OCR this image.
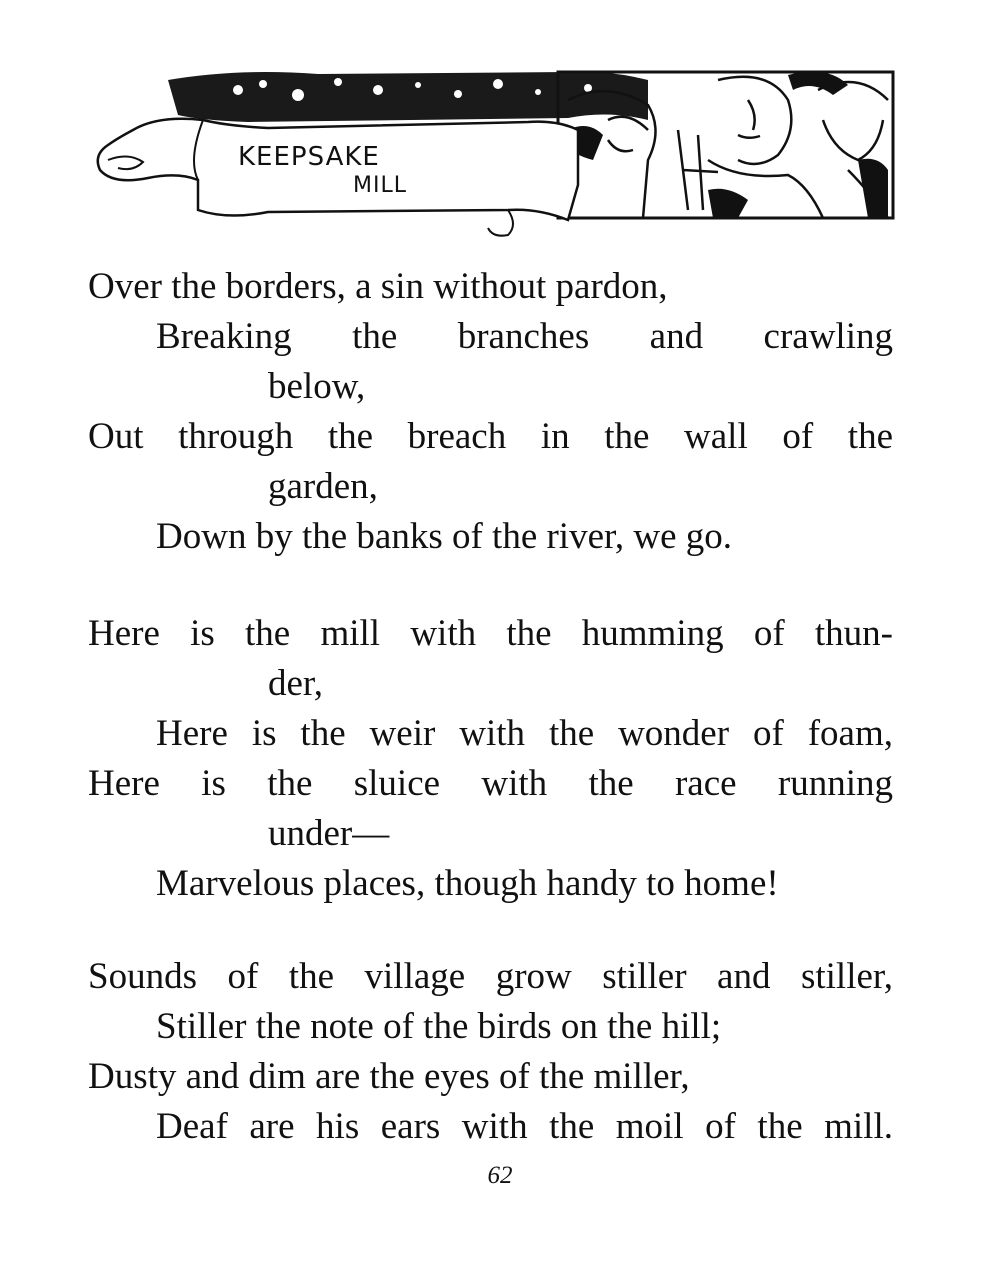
KEEPSAKE
MILL
Over the borders, a sin without pardon,
Breaking the branches and crawling
below,
Out through the breach in the wall of the
garden,
Down by the banks of the river, we go.
Here is the mill with the humming of thun-
der,
Here is the weir with the wonder of foam,
Here is the sluice with the race running
under—
Marvelous places, though handy to home!
Sounds of the village grow stiller and stiller,
Stiller the note of the birds on the hill;
Dusty and dim are the eyes of the miller,
Deaf are his ears with the moil of the mill.
62
